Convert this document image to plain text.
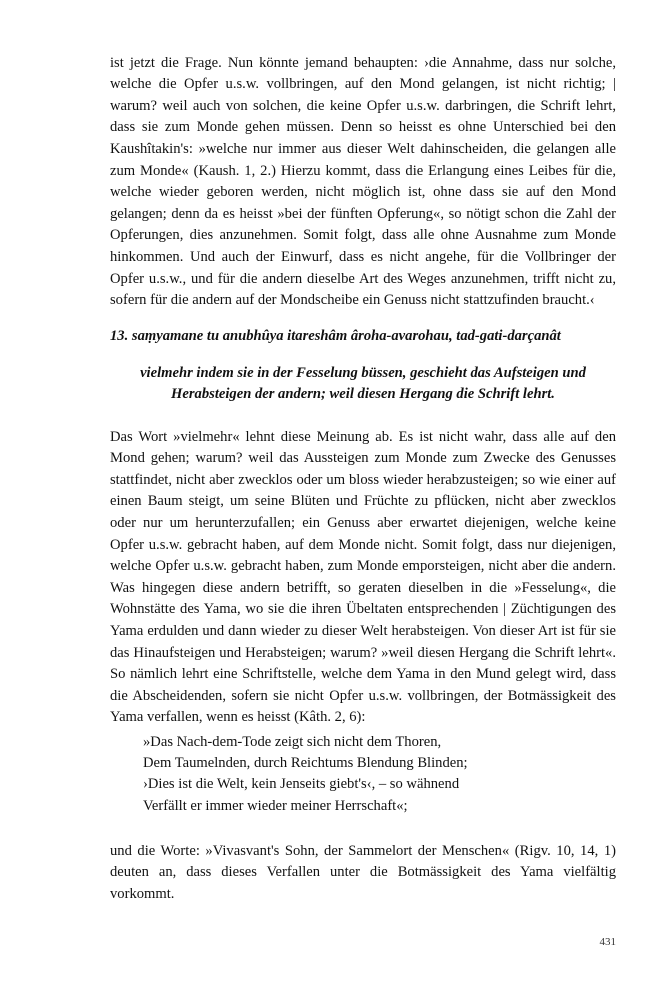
ist jetzt die Frage. Nun könnte jemand behaupten: ›die Annahme, dass nur solche, welche die Opfer u.s.w. vollbringen, auf den Mond gelangen, ist nicht richtig; | warum? weil auch von solchen, die keine Opfer u.s.w. darbringen, die Schrift lehrt, dass sie zum Monde gehen müssen. Denn so heisst es ohne Unterschied bei den Kaushîtakin's: »welche nur immer aus dieser Welt dahinscheiden, die gelangen alle zum Monde« (Kaush. 1, 2.) Hierzu kommt, dass die Erlangung eines Leibes für die, welche wieder geboren werden, nicht möglich ist, ohne dass sie auf den Mond gelangen; denn da es heisst »bei der fünften Opferung«, so nötigt schon die Zahl der Opferungen, dies anzunehmen. Somit folgt, dass alle ohne Ausnahme zum Monde hinkommen. Und auch der Einwurf, dass es nicht angehe, für die Vollbringer der Opfer u.s.w., und für die andern dieselbe Art des Weges anzunehmen, trifft nicht zu, sofern für die andern auf der Mondscheibe ein Genuss nicht stattzufinden braucht.‹

13. saṃyamane tu anubhûya itareshâm âroha-avarohau, tad-gati-darçanât
vielmehr indem sie in der Fesselung büssen, geschieht das Aufsteigen und Herabsteigen der andern; weil diesen Hergang die Schrift lehrt.

Das Wort »vielmehr« lehnt diese Meinung ab. Es ist nicht wahr, dass alle auf den Mond gehen; warum? weil das Aussteigen zum Monde zum Zwecke des Genusses stattfindet, nicht aber zwecklos oder um bloss wieder herabzusteigen; so wie einer auf einen Baum steigt, um seine Blüten und Früchte zu pflücken, nicht aber zwecklos oder nur um herunterzufallen; ein Genuss aber erwartet diejenigen, welche keine Opfer u.s.w. gebracht haben, auf dem Monde nicht. Somit folgt, dass nur diejenigen, welche Opfer u.s.w. gebracht haben, zum Monde emporsteigen, nicht aber die andern. Was hingegen diese andern betrifft, so geraten dieselben in die »Fesselung«, die Wohnstätte des Yama, wo sie die ihren Übeltaten entsprechenden | Züchtigungen des Yama erdulden und dann wieder zu dieser Welt herabsteigen. Von dieser Art ist für sie das Hinaufsteigen und Herabsteigen; warum? »weil diesen Hergang die Schrift lehrt«. So nämlich lehrt eine Schriftstelle, welche dem Yama in den Mund gelegt wird, dass die Abscheidenden, sofern sie nicht Opfer u.s.w. vollbringen, der Botmässigkeit des Yama verfallen, wenn es heisst (Kâth. 2, 6):

»Das Nach-dem-Tode zeigt sich nicht dem Thoren,
Dem Taumelnden, durch Reichtums Blendung Blinden;
›Dies ist die Welt, kein Jenseits giebt's‹, – so wähnend
Verfällt er immer wieder meiner Herrschaft«;

und die Worte: »Vivasvant's Sohn, der Sammelort der Menschen« (Rigv. 10, 14, 1) deuten an, dass dieses Verfallen unter die Botmässigkeit des Yama vielfältig vorkommt.

431
